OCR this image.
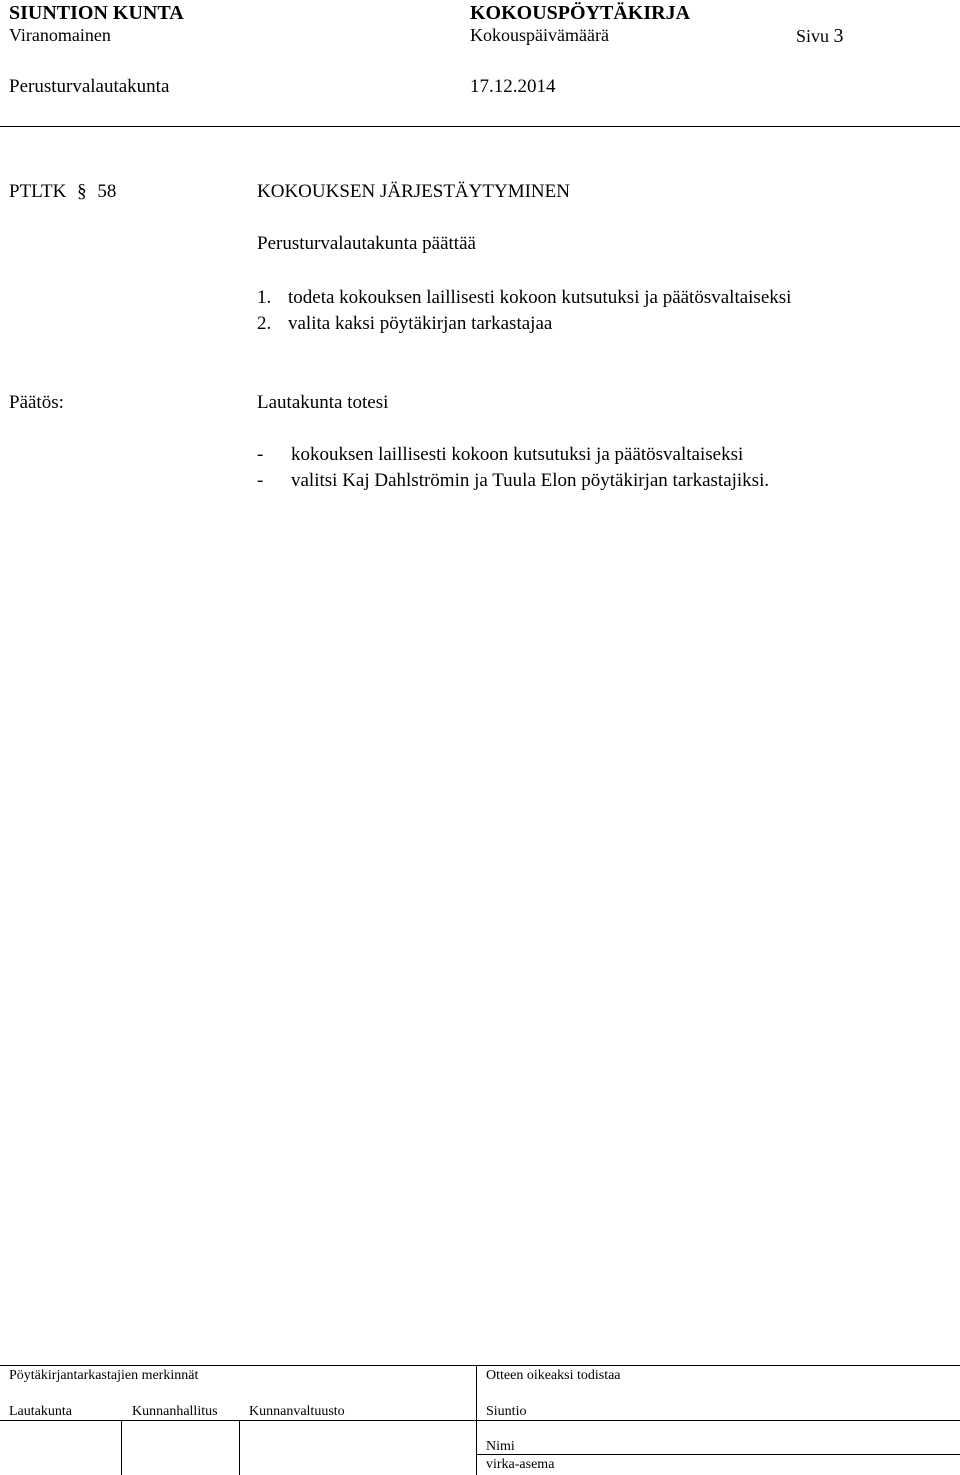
SIUNTION KUNTA	KOKOUSPÖYTÄKIRJA
Viranomainen	Kokouspäivämäärä	Sivu 3
Perusturvalautakunta	17.12.2014
PTLTK § 58	KOKOUKSEN JÄRJESTÄYTYMINEN
Perusturvalautakunta päättää
1. todeta kokouksen laillisesti kokoon kutsutuksi ja päätösvaltaiseksi
2. valita kaksi pöytäkirjan tarkastajaa
Päätös:	Lautakunta totesi
- kokouksen laillisesti kokoon kutsutuksi ja päätösvaltaiseksi
- valitsi Kaj Dahlströmin ja Tuula Elon pöytäkirjan tarkastajiksi.
Pöytäkirjantarkastajien merkinnät	Otteen oikeaksi todistaa
Lautakunta	Kunnanhallitus Kunnanvaltuusto	Siuntio
Nimi
virka-asema
